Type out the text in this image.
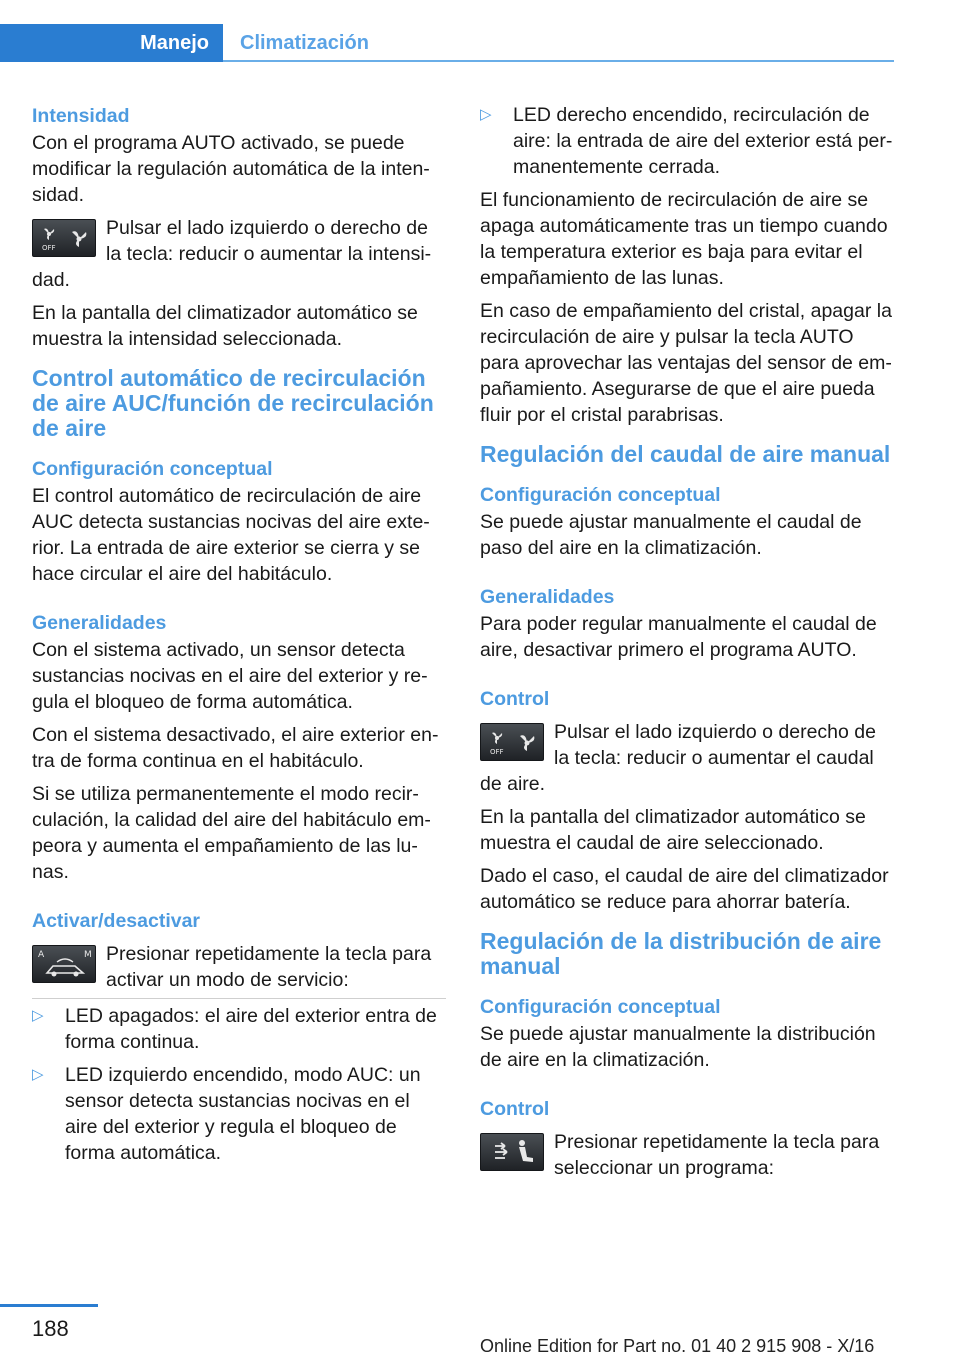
Manejo	Climatización
Intensidad

Con el programa AUTO activado, se puede modificar la regulación automática de la inten‐sidad.

OFF
Pulsar el lado izquierdo o derecho de la tecla: reducir o aumentar la intensi‐dad.

En la pantalla del climatizador automático se muestra la intensidad seleccionada.

Control automático de recirculación de aire AUC/función de recirculación de aire
Configuración conceptual

El control automático de recirculación de aire AUC detecta sustancias nocivas del aire exte‐rior. La entrada de aire exterior se cierra y se hace circular el aire del habitáculo.

Generalidades

Con el sistema activado, un sensor detecta sustancias nocivas en el aire del exterior y re‐gula el bloqueo de forma automática.

Con el sistema desactivado, el aire exterior en‐tra de forma continua en el habitáculo.

Si se utiliza permanentemente el modo recir‐culación, la calidad del aire del habitáculo em‐peora y aumenta el empañamiento de las lu‐nas.

Activar/desactivar
A	M Presionar repetidamente la tecla para activar un modo de servicio:
▷ LED apagados: el aire del exterior entra de forma continua.
▷ LED izquierdo encendido, modo AUC: un sensor detecta sustancias nocivas en el aire del exterior y regula el bloqueo de forma automática.
▷ LED derecho encendido, recirculación de aire: la entrada de aire del exterior está per‐manentemente cerrada.

El funcionamiento de recirculación de aire se apaga automáticamente tras un tiempo cuando la temperatura exterior es baja para evitar el empañamiento de las lunas.

En caso de empañamiento del cristal, apagar la recirculación de aire y pulsar la tecla AUTO para aprovechar las ventajas del sensor de em‐pañamiento. Asegurarse de que el aire pueda fluir por el cristal parabrisas.

Regulación del caudal de aire manual
Configuración conceptual

Se puede ajustar manualmente el caudal de paso del aire en la climatización.

Generalidades

Para poder regular manualmente el caudal de aire, desactivar primero el programa AUTO.

Control
OFF
Pulsar el lado izquierdo o derecho de la tecla: reducir o aumentar el caudal de aire.

En la pantalla del climatizador automático se muestra el caudal de aire seleccionado.

Dado el caso, el caudal de aire del climatizador automático se reduce para ahorrar batería.

Regulación de la distribución de aire manual
Configuración conceptual

Se puede ajustar manualmente la distribución de aire en la climatización.

Control
Presionar repetidamente la tecla para seleccionar un programa:
188
Online Edition for Part no. 01 40 2 915 908 - X/16
